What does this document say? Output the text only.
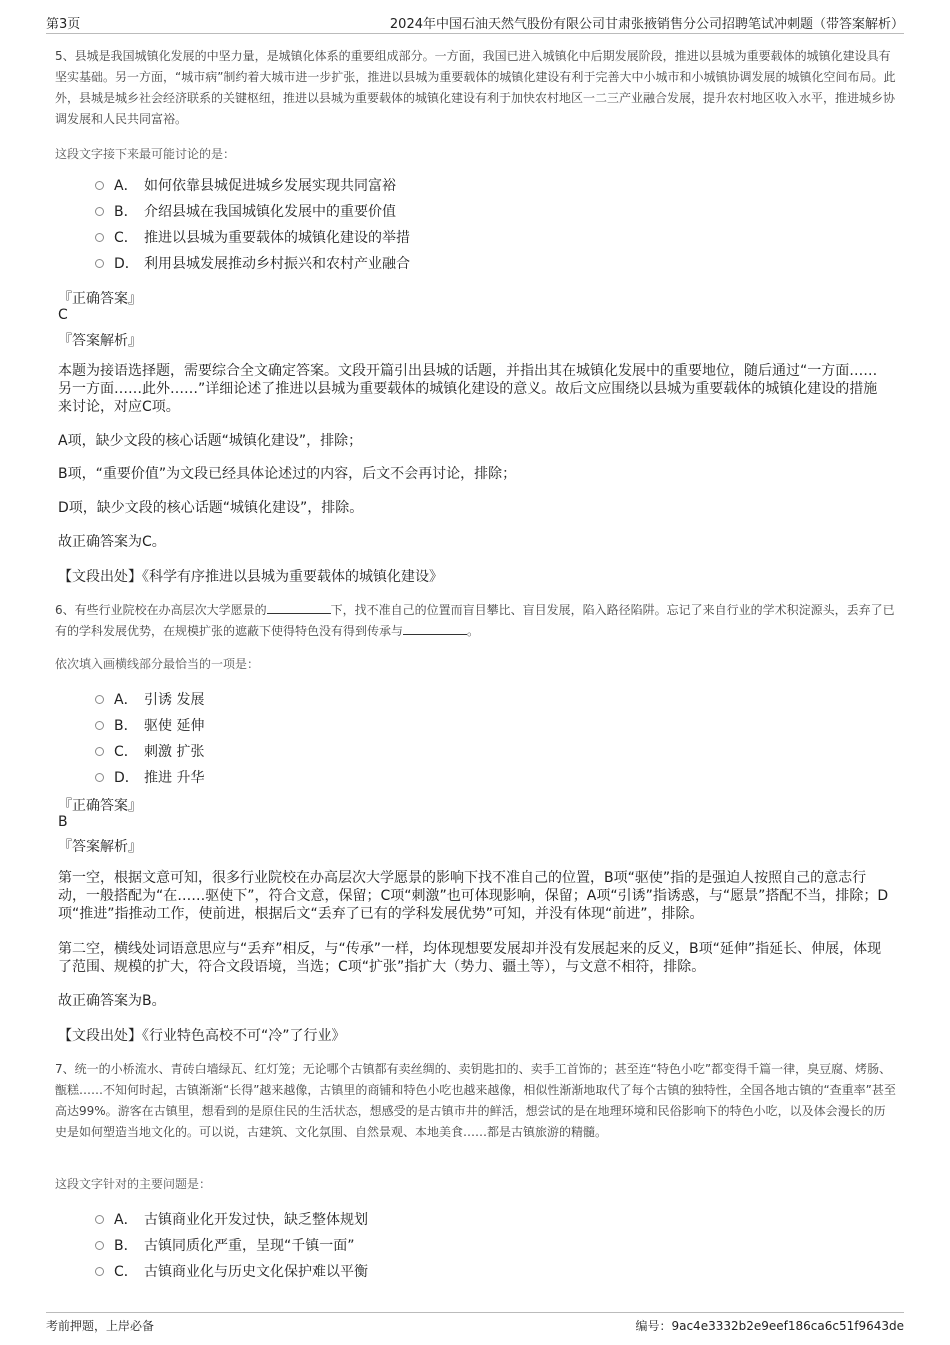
第3页	2024年中国石油天然气股份有限公司甘肃张掖销售分公司招聘笔试冲刺题（带答案解析）
5、县城是我国城镇化发展的中坚力量，是城镇化体系的重要组成部分。一方面，我国已进入城镇化中后期发展阶段，推进以县城为重要载体的城镇化建设具有坚实基础。另一方面，“城市病”制约着大城市进一步扩张，推进以县城为重要载体的城镇化建设有利于完善大中小城市和小城镇协调发展的城镇化空间布局。此外，县城是城乡社会经济联系的关键枢纽，推进以县城为重要载体的城镇化建设有利于加快农村地区一二三产业融合发展，提升农村地区收入水平，推进城乡协调发展和人民共同富裕。
这段文字接下来最可能讨论的是：
A． 如何依靠县城促进城乡发展实现共同富裕
B． 介绍县城在我国城镇化发展中的重要价值
C． 推进以县城为重要载体的城镇化建设的举措
D． 利用县城发展推动乡村振兴和农村产业融合
『正确答案』
C
『答案解析』
本题为接语选择题，需要综合全文确定答案。文段开篇引出县城的话题，并指出其在城镇化发展中的重要地位，随后通过“一方面……另一方面……此外……”详细论述了推进以县城为重要载体的城镇化建设的意义。故后文应围绕以县城为重要载体的城镇化建设的措施来讨论，对应C项。
A项，缺少文段的核心话题“城镇化建设”，排除；
B项，“重要价值”为文段已经具体论述过的内容，后文不会再讨论，排除；
D项，缺少文段的核心话题“城镇化建设”，排除。
故正确答案为C。
【文段出处】《科学有序推进以县城为重要载体的城镇化建设》
6、有些行业院校在办高层次大学愿景的	下，找不准自己的位置而盲目攀比、盲目发展，陷入路径陷阱。忘记了来自行业的学术积淀源头，丢弃了已有的学科发展优势，在规模扩张的遮蔽下使得特色没有得到传承与	。
依次填入画横线部分最恰当的一项是：
A． 引诱 发展
B． 驱使 延伸
C． 刺激 扩张
D． 推进 升华
『正确答案』
B
『答案解析』
第一空，根据文意可知，很多行业院校在办高层次大学愿景的影响下找不准自己的位置，B项“驱使”指的是强迫人按照自己的意志行动，一般搭配为“在……驱使下”，符合文意，保留；C项“刺激”也可体现影响，保留；A项“引诱”指诱惑，与“愿景”搭配不当，排除；D项“推进”指推动工作，使前进，根据后文“丢弃了已有的学科发展优势”可知，并没有体现“前进”，排除。
第二空，横线处词语意思应与“丢弃”相反，与“传承”一样，均体现想要发展却并没有发展起来的反义，B项“延伸”指延长、伸展，体现了范围、规模的扩大，符合文段语境，当选；C项“扩张”指扩大（势力、疆土等），与文意不相符，排除。
故正确答案为B。
【文段出处】《行业特色高校不可“冷”了行业》
7、统一的小桥流水、青砖白墙绿瓦、红灯笼；无论哪个古镇都有卖丝绸的、卖钥匙扣的、卖手工首饰的；甚至连“特色小吃”都变得千篇一律，臭豆腐、烤肠、甑糕……不知何时起，古镇渐渐“长得”越来越像，古镇里的商铺和特色小吃也越来越像，相似性渐渐地取代了每个古镇的独特性，全国各地古镇的“查重率”甚至高达99%。游客在古镇里，想看到的是原住民的生活状态，想感受的是古镇市井的鲜活，想尝试的是在地理环境和民俗影响下的特色小吃，以及体会漫长的历史是如何塑造当地文化的。可以说，古建筑、文化氛围、自然景观、本地美食……都是古镇旅游的精髓。
这段文字针对的主要问题是：
A． 古镇商业化开发过快，缺乏整体规划
B． 古镇同质化严重，呈现“千镇一面”
C． 古镇商业化与历史文化保护难以平衡
考前押题，上岸必备	编号：9ac4e3332b2e9eef186ca6c51f9643de
